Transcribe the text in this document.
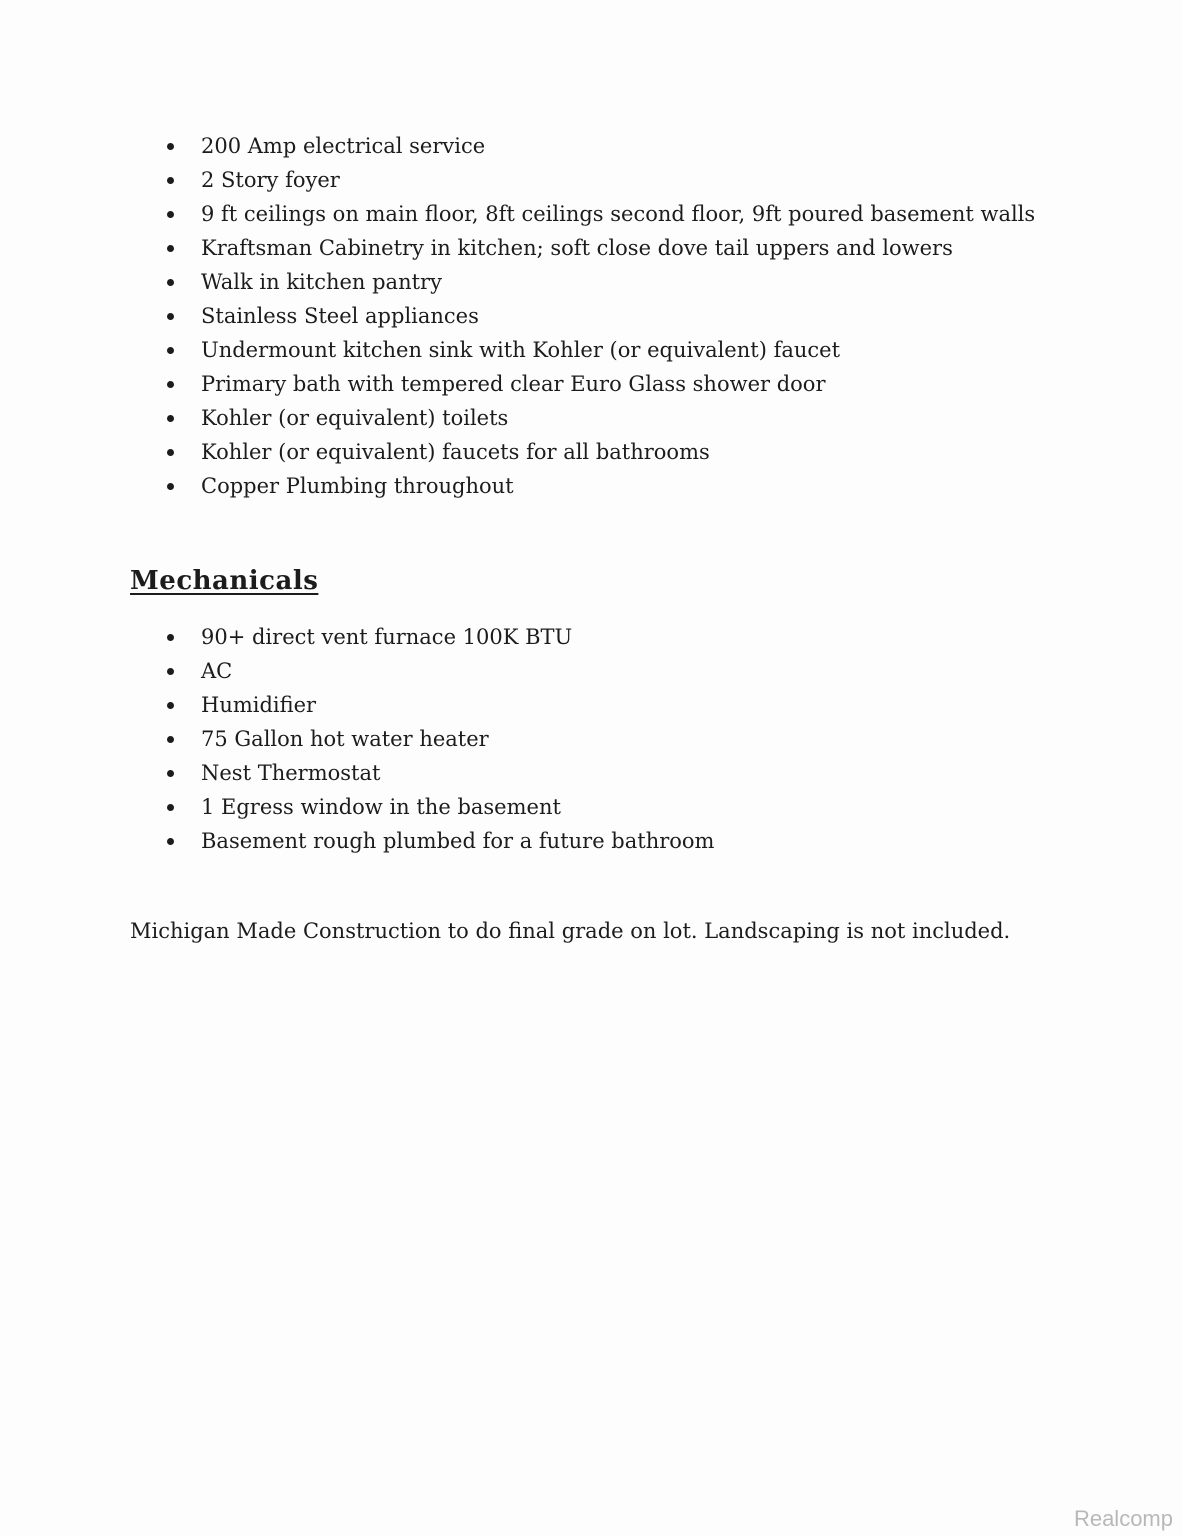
200 Amp electrical service
2 Story foyer
9 ft ceilings on main floor, 8ft ceilings second floor, 9ft poured basement walls
Kraftsman Cabinetry in kitchen; soft close dove tail uppers and lowers
Walk in kitchen pantry
Stainless Steel appliances
Undermount kitchen sink with Kohler (or equivalent) faucet
Primary bath with tempered clear Euro Glass shower door
Kohler (or equivalent) toilets
Kohler (or equivalent) faucets for all bathrooms
Copper Plumbing throughout
Mechanicals
90+ direct vent furnace 100K BTU
AC
Humidifier
75 Gallon hot water heater
Nest Thermostat
1 Egress window in the basement
Basement rough plumbed for a future bathroom

Michigan Made Construction to do final grade on lot. Landscaping is not included.

Realcomp
